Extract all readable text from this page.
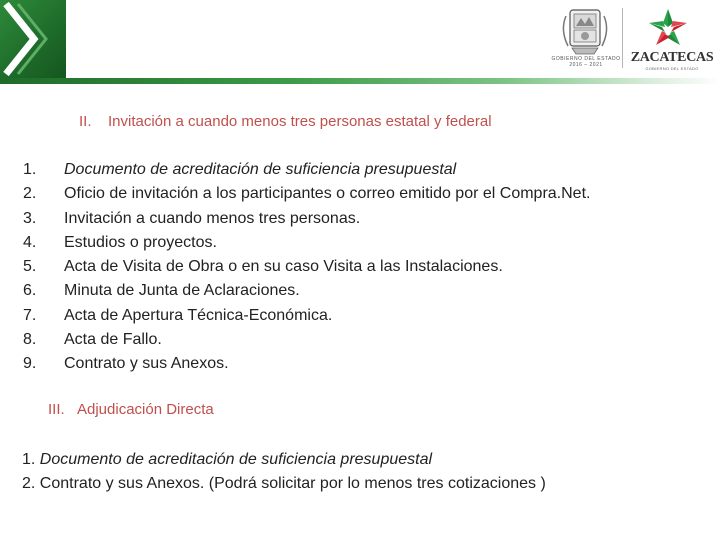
GOBIERNO DEL ESTADO 2016 – 2021	ZACATECAS
GOBIERNO DEL ESTADO
II. Invitación a cuando menos tres personas estatal y federal
1. Documento de acreditación de suficiencia presupuestal
2. Oficio de invitación a los participantes o correo emitido por el Compra.Net.
3. Invitación a cuando menos tres personas.
4. Estudios o proyectos.
5. Acta de Visita de Obra o en su caso Visita a las Instalaciones.
6. Minuta de Junta de Aclaraciones.
7. Acta de Apertura Técnica-Económica.
8. Acta de Fallo.
9. Contrato y sus Anexos.
III. Adjudicación Directa
1. Documento de acreditación de suficiencia presupuestal
2. Contrato y sus Anexos. (Podrá solicitar por lo menos tres cotizaciones )
